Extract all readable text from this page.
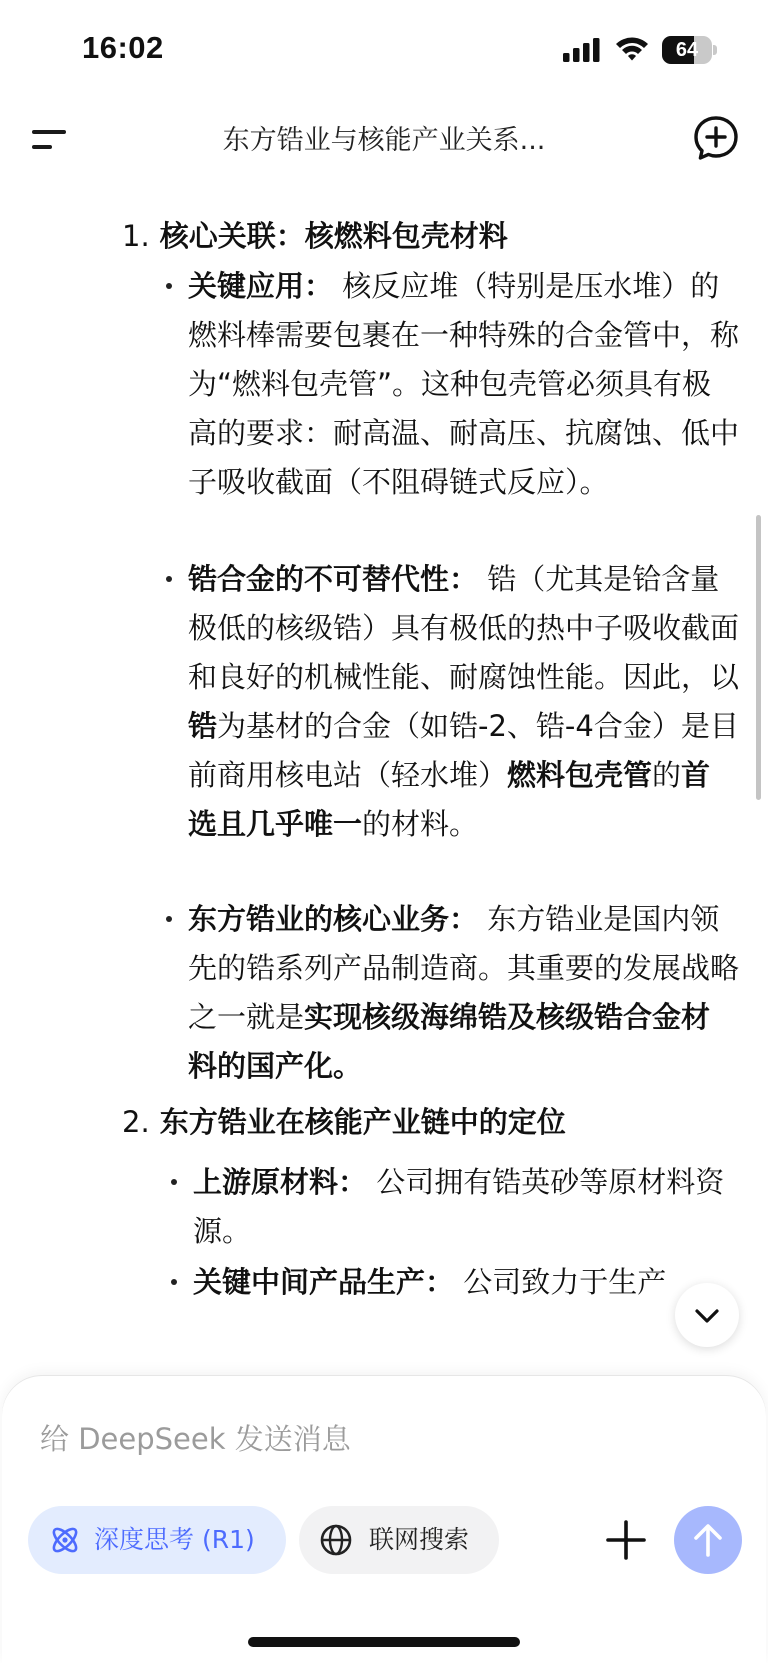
16:02	64
东方锆业与核能产业关系...
1. 核心关联：核燃料包壳材料
关键应用： 核反应堆（特别是压水堆）的燃料棒需要包裹在一种特殊的合金管中，称为“燃料包壳管”。这种包壳管必须具有极高的要求：耐高温、耐高压、抗腐蚀、低中子吸收截面（不阻碍链式反应）。
锆合金的不可替代性： 锆（尤其是铪含量极低的核级锆）具有极低的热中子吸收截面和良好的机械性能、耐腐蚀性能。因此，以锆为基材的合金（如锆-2、锆-4合金）是目前商用核电站（轻水堆）燃料包壳管的首选且几乎唯一的材料。
东方锆业的核心业务： 东方锆业是国内领先的锆系列产品制造商。其重要的发展战略之一就是实现核级海绵锆及核级锆合金材料的国产化。
2. 东方锆业在核能产业链中的定位
上游原材料： 公司拥有锆英砂等原材料资源。
关键中间产品生产： 公司致力于生产
给 DeepSeek 发送消息
深度思考 (R1)	联网搜索
